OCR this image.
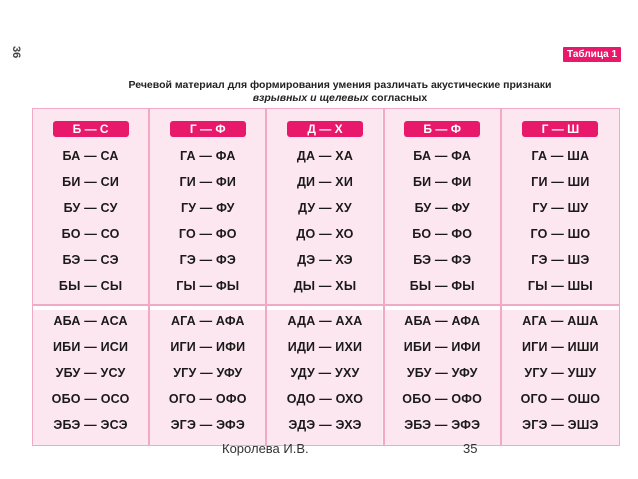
36	Таблица 1
Речевой материал для формирования умения различать акустические признаки
взрывных и щелевых согласных
Б — С
БА — СА
БИ — СИ
БУ — СУ
БО — СО
БЭ — СЭ
БЫ — СЫ
АБА — АСА
ИБИ — ИСИ
УБУ — УСУ
ОБО — ОСО
ЭБЭ — ЭСЭ
Г — Ф
ГА — ФА
ГИ — ФИ
ГУ — ФУ
ГО — ФО
ГЭ — ФЭ
ГЫ — ФЫ
АГА — АФА
ИГИ — ИФИ
УГУ — УФУ
ОГО — ОФО
ЭГЭ — ЭФЭ
Д — Х
ДА — ХА
ДИ — ХИ
ДУ — ХУ
ДО — ХО
ДЭ — ХЭ
ДЫ — ХЫ
АДА — АХА
ИДИ — ИХИ
УДУ — УХУ
ОДО — ОХО
ЭДЭ — ЭХЭ
Б — Ф
БА — ФА
БИ — ФИ
БУ — ФУ
БО — ФО
БЭ — ФЭ
БЫ — ФЫ
АБА — АФА
ИБИ — ИФИ
УБУ — УФУ
ОБО — ОФО
ЭБЭ — ЭФЭ
Г — Ш
ГА — ША
ГИ — ШИ
ГУ — ШУ
ГО — ШО
ГЭ — ШЭ
ГЫ — ШЫ
АГА — АША
ИГИ — ИШИ
УГУ — УШУ
ОГО — ОШО
ЭГЭ — ЭШЭ
Королева И.В.	35
